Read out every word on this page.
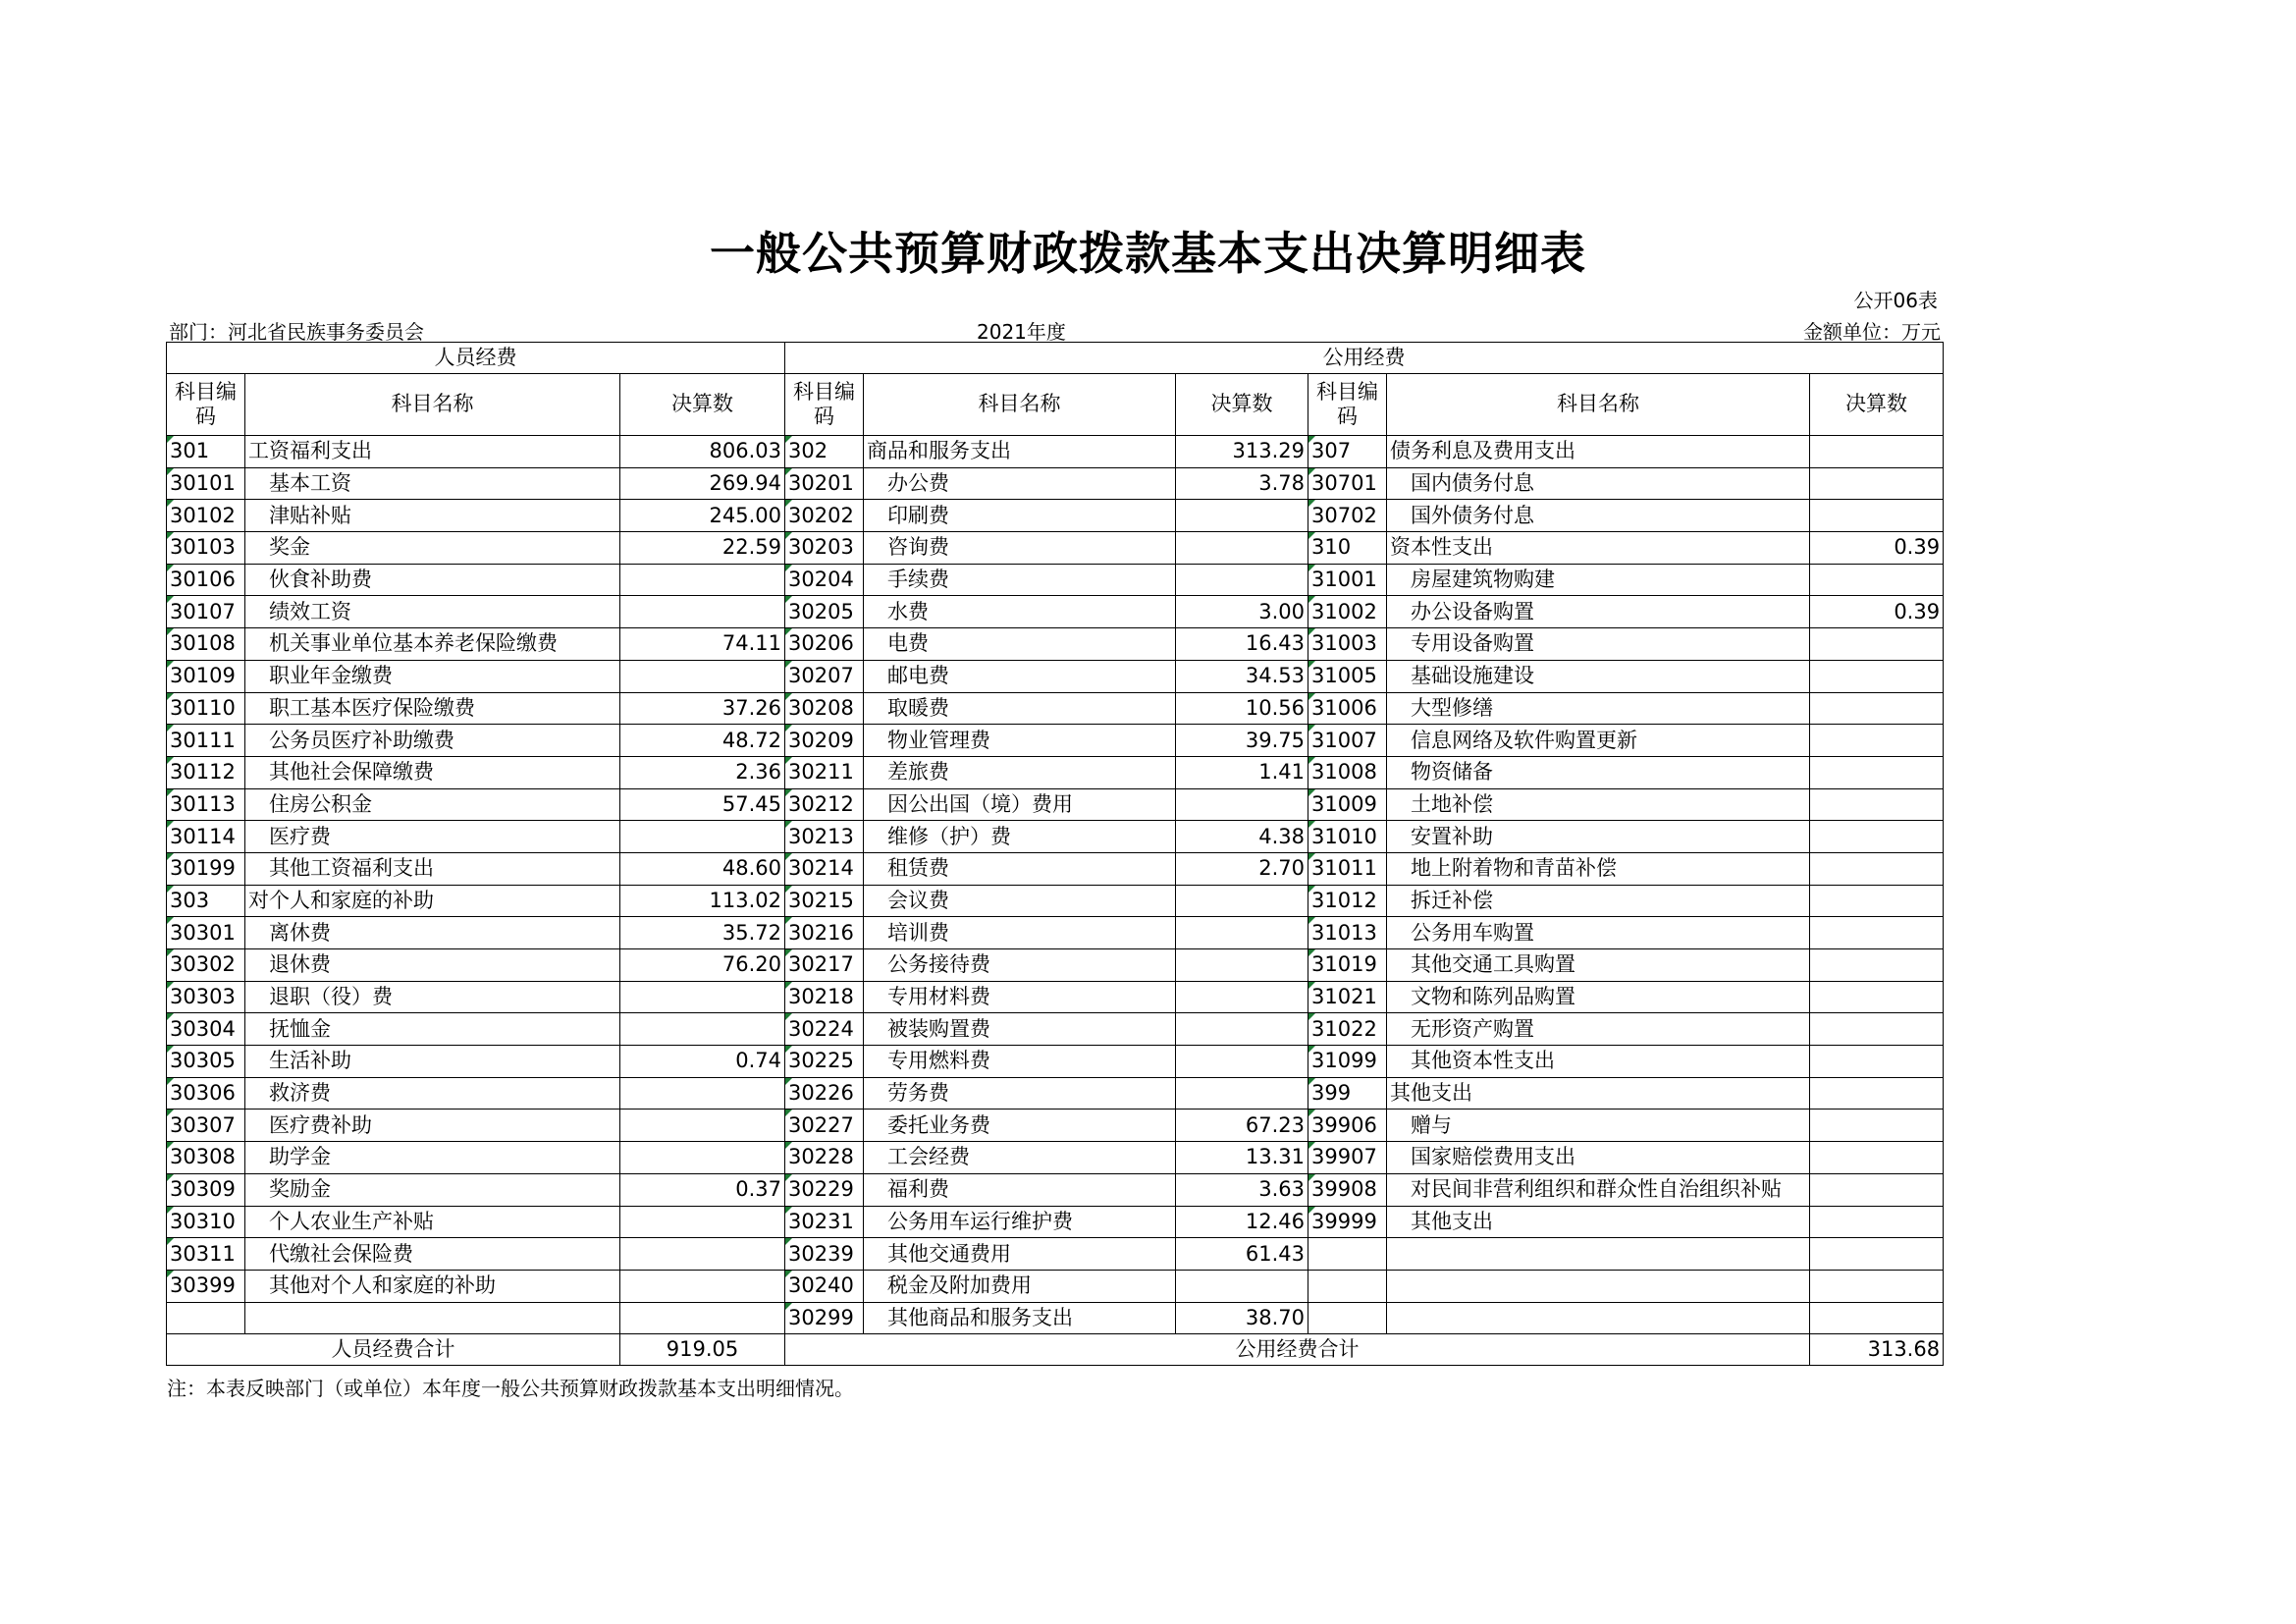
一般公共预算财政拨款基本支出决算明细表
公开06表
部门：河北省民族事务委员会	2021年度	金额单位：万元
人员经费			公用经费					
科目编码	科目名称	决算数	科目编码	科目名称	决算数	科目编码	科目名称	决算数
301	工资福利支出	806.03	302	商品和服务支出	313.29	307	债务利息及费用支出	
30101	基本工资	269.94	30201	办公费	3.78	30701	国内债务付息	
30102	津贴补贴	245.00	30202	印刷费		30702	国外债务付息	
30103	奖金	22.59	30203	咨询费		310	资本性支出	0.39
30106	伙食补助费		30204	手续费		31001	房屋建筑物购建	
30107	绩效工资		30205	水费	3.00	31002	办公设备购置	0.39
30108	机关事业单位基本养老保险缴费	74.11	30206	电费	16.43	31003	专用设备购置	
30109	职业年金缴费		30207	邮电费	34.53	31005	基础设施建设	
30110	职工基本医疗保险缴费	37.26	30208	取暖费	10.56	31006	大型修缮	
30111	公务员医疗补助缴费	48.72	30209	物业管理费	39.75	31007	信息网络及软件购置更新	
30112	其他社会保障缴费	2.36	30211	差旅费	1.41	31008	物资储备	
30113	住房公积金	57.45	30212	因公出国（境）费用		31009	土地补偿	
30114	医疗费		30213	维修（护）费	4.38	31010	安置补助	
30199	其他工资福利支出	48.60	30214	租赁费	2.70	31011	地上附着物和青苗补偿	
303	对个人和家庭的补助	113.02	30215	会议费		31012	拆迁补偿	
30301	离休费	35.72	30216	培训费		31013	公务用车购置	
30302	退休费	76.20	30217	公务接待费		31019	其他交通工具购置	
30303	退职（役）费		30218	专用材料费		31021	文物和陈列品购置	
30304	抚恤金		30224	被装购置费		31022	无形资产购置	
30305	生活补助	0.74	30225	专用燃料费		31099	其他资本性支出	
30306	救济费		30226	劳务费		399	其他支出	
30307	医疗费补助		30227	委托业务费	67.23	39906	赠与	
30308	助学金		30228	工会经费	13.31	39907	国家赔偿费用支出	
30309	奖励金	0.37	30229	福利费	3.63	39908	对民间非营利组织和群众性自治组织补贴	
30310	个人农业生产补贴		30231	公务用车运行维护费	12.46	39999	其他支出	
30311	代缴社会保险费		30239	其他交通费用	61.43			
30399	其他对个人和家庭的补助		30240	税金及附加费用				
			30299	其他商品和服务支出	38.70			
人员经费合计		919.05	公用经费合计					313.68
注：本表反映部门（或单位）本年度一般公共预算财政拨款基本支出明细情况。
